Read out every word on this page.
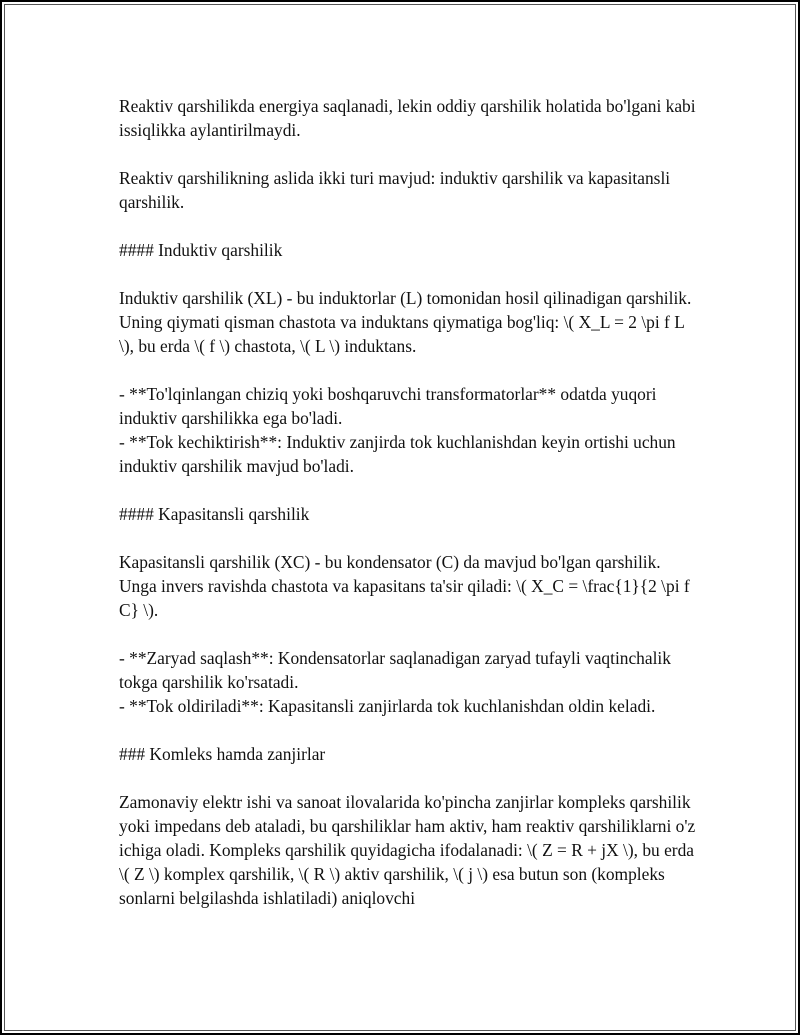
Reaktiv qarshilikda energiya saqlanadi, lekin oddiy qarshilik holatida bo'lgani kabi issiqlikka aylantirilmaydi.

Reaktiv qarshilikning aslida ikki turi mavjud: induktiv qarshilik va kapasitansli qarshilik.

#### Induktiv qarshilik

Induktiv qarshilik (XL) - bu induktorlar (L) tomonidan hosil qilinadigan qarshilik. Uning qiymati qisman chastota va induktans qiymatiga bog'liq: \( X_L = 2 \pi f L \), bu erda \( f \) chastota, \( L \) induktans.

- **To'lqinlangan chiziq yoki boshqaruvchi transformatorlar** odatda yuqori induktiv qarshilikka ega bo'ladi.

- **Tok kechiktirish**: Induktiv zanjirda tok kuchlanishdan keyin ortishi uchun induktiv qarshilik mavjud bo'ladi.

#### Kapasitansli qarshilik

Kapasitansli qarshilik (XC) - bu kondensator (C) da mavjud bo'lgan qarshilik. Unga invers ravishda chastota va kapasitans ta'sir qiladi: \( X_C = \frac{1}{2 \pi f C} \).

- **Zaryad saqlash**: Kondensatorlar saqlanadigan zaryad tufayli vaqtinchalik tokga qarshilik ko'rsatadi.

- **Tok oldiriladi**: Kapasitansli zanjirlarda tok kuchlanishdan oldin keladi.

### Komleks hamda zanjirlar

Zamonaviy elektr ishi va sanoat ilovalarida ko'pincha zanjirlar kompleks qarshilik yoki impedans deb ataladi, bu qarshiliklar ham aktiv, ham reaktiv qarshiliklarni o'z ichiga oladi. Kompleks qarshilik quyidagicha ifodalanadi: \( Z = R + jX \), bu erda \( Z \) komplex qarshilik, \( R \) aktiv qarshilik, \( j \) esa butun son (kompleks sonlarni belgilashda ishlatiladi) aniqlovchi
